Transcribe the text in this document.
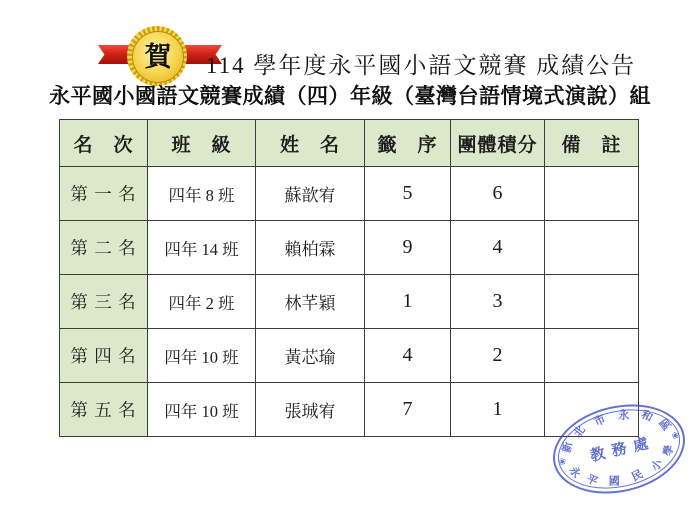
賀	114 學年度永平國小語文競賽 成績公告
永平國小國語文競賽成績（四）年級（臺灣台語情境式演說）組
名　次	班　級	姓　名	籤　序	團體積分	備　註
第 一 名	四年 8 班	蘇歆宥	5	6	
第 二 名	四年 14 班	賴柏霖	9	4	
第 三 名	四年 2 班	林芊穎	1	3	
第 四 名	四年 10 班	黃芯瑜	4	2	
第 五 名	四年 10 班	張珹宥	7	1	
新
北
市 永 和
區
永
平 國 民
小
學
❀
❀
教務處
